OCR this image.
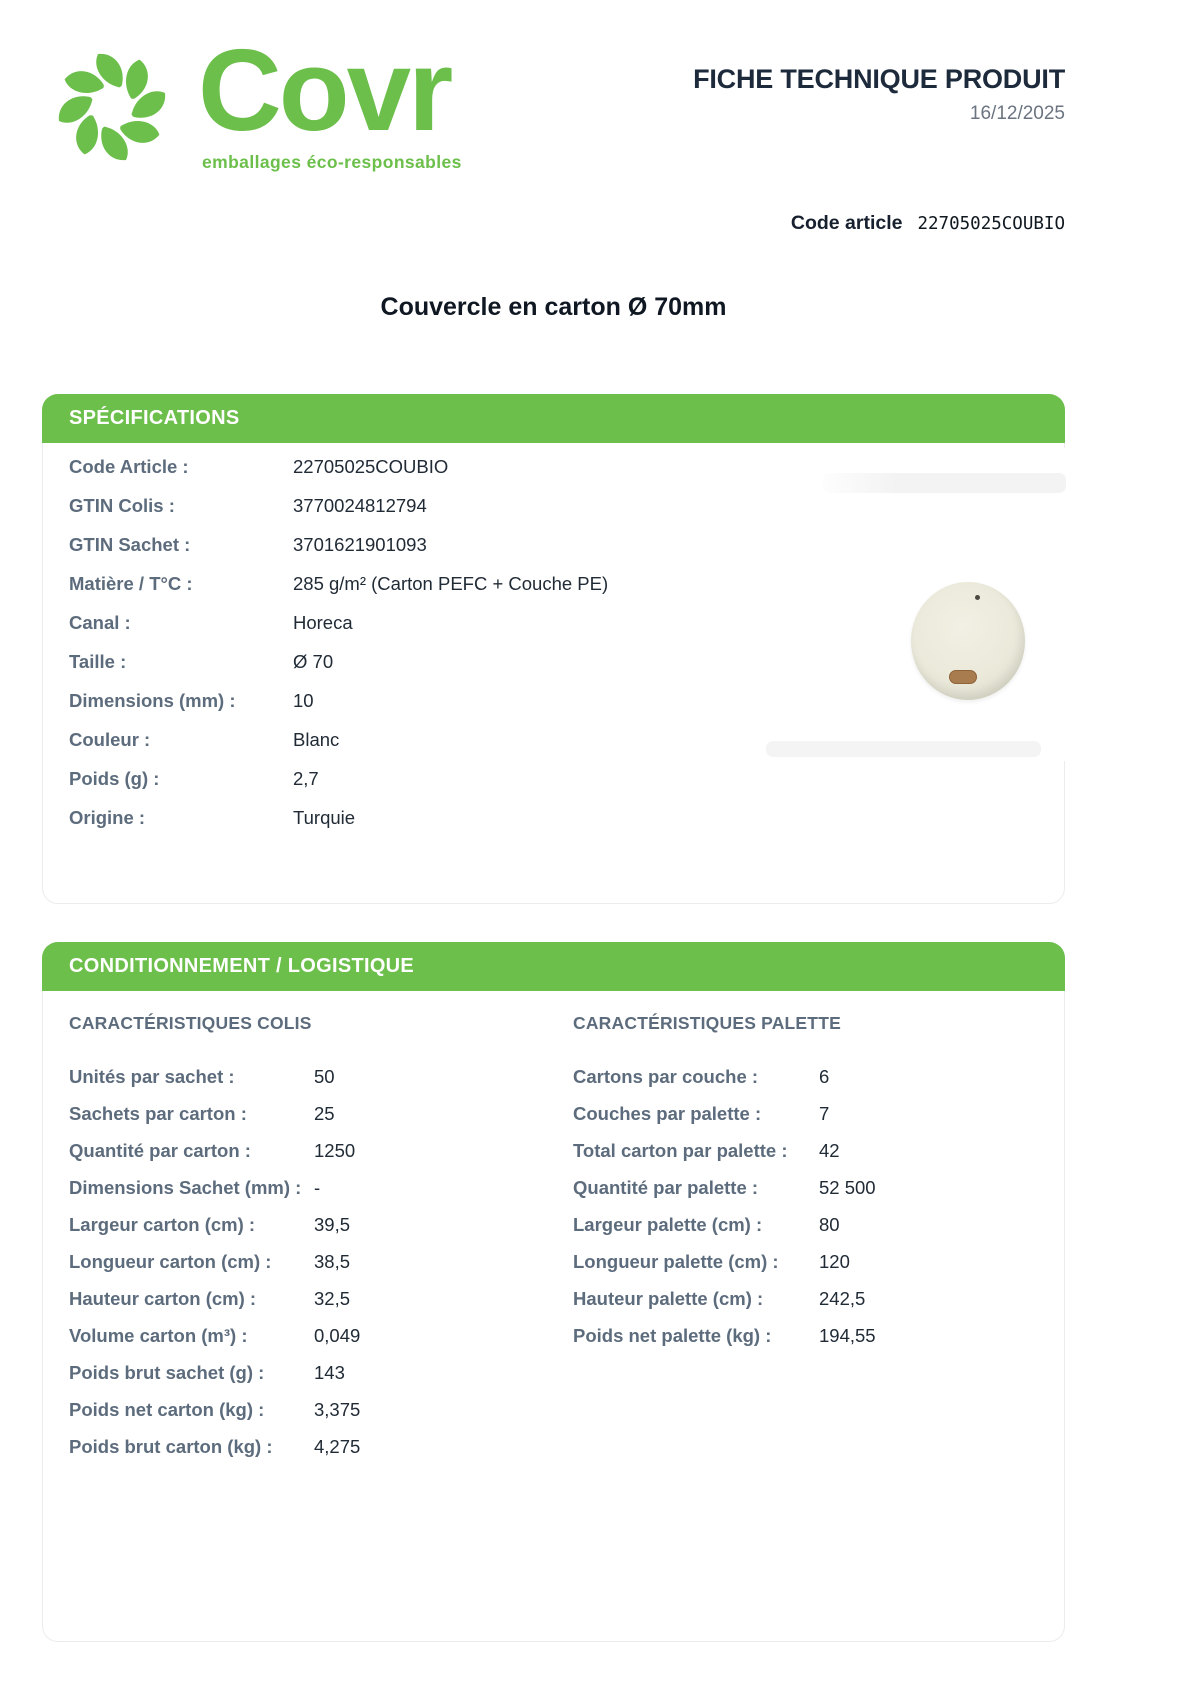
Covr
emballages éco-responsables
FICHE TECHNIQUE PRODUIT
16/12/2025
Code article 22705025COUBIO
Couvercle en carton Ø 70mm
SPÉCIFICATIONS
Code Article :	22705025COUBIO
GTIN Colis :	3770024812794
GTIN Sachet :	3701621901093
Matière / T°C :	285 g/m² (Carton PEFC + Couche PE)
Canal :	Horeca
Taille :	Ø 70
Dimensions (mm) :	10
Couleur :	Blanc
Poids (g) :	2,7
Origine :	Turquie
CONDITIONNEMENT / LOGISTIQUE
CARACTÉRISTIQUES COLIS
Unités par sachet :	50
Sachets par carton :	25
Quantité par carton :	1250
Dimensions Sachet (mm) : -
Largeur carton (cm) :	39,5
Longueur carton (cm) :	38,5
Hauteur carton (cm) :	32,5
Volume carton (m³) :	0,049
Poids brut sachet (g) :	143
Poids net carton (kg) :	3,375
Poids brut carton (kg) :	4,275
CARACTÉRISTIQUES PALETTE
Cartons par couche :	6
Couches par palette :	7
Total carton par palette :	42
Quantité par palette :	52 500
Largeur palette (cm) :	80
Longueur palette (cm) :	120
Hauteur palette (cm) :	242,5
Poids net palette (kg) :	194,55
